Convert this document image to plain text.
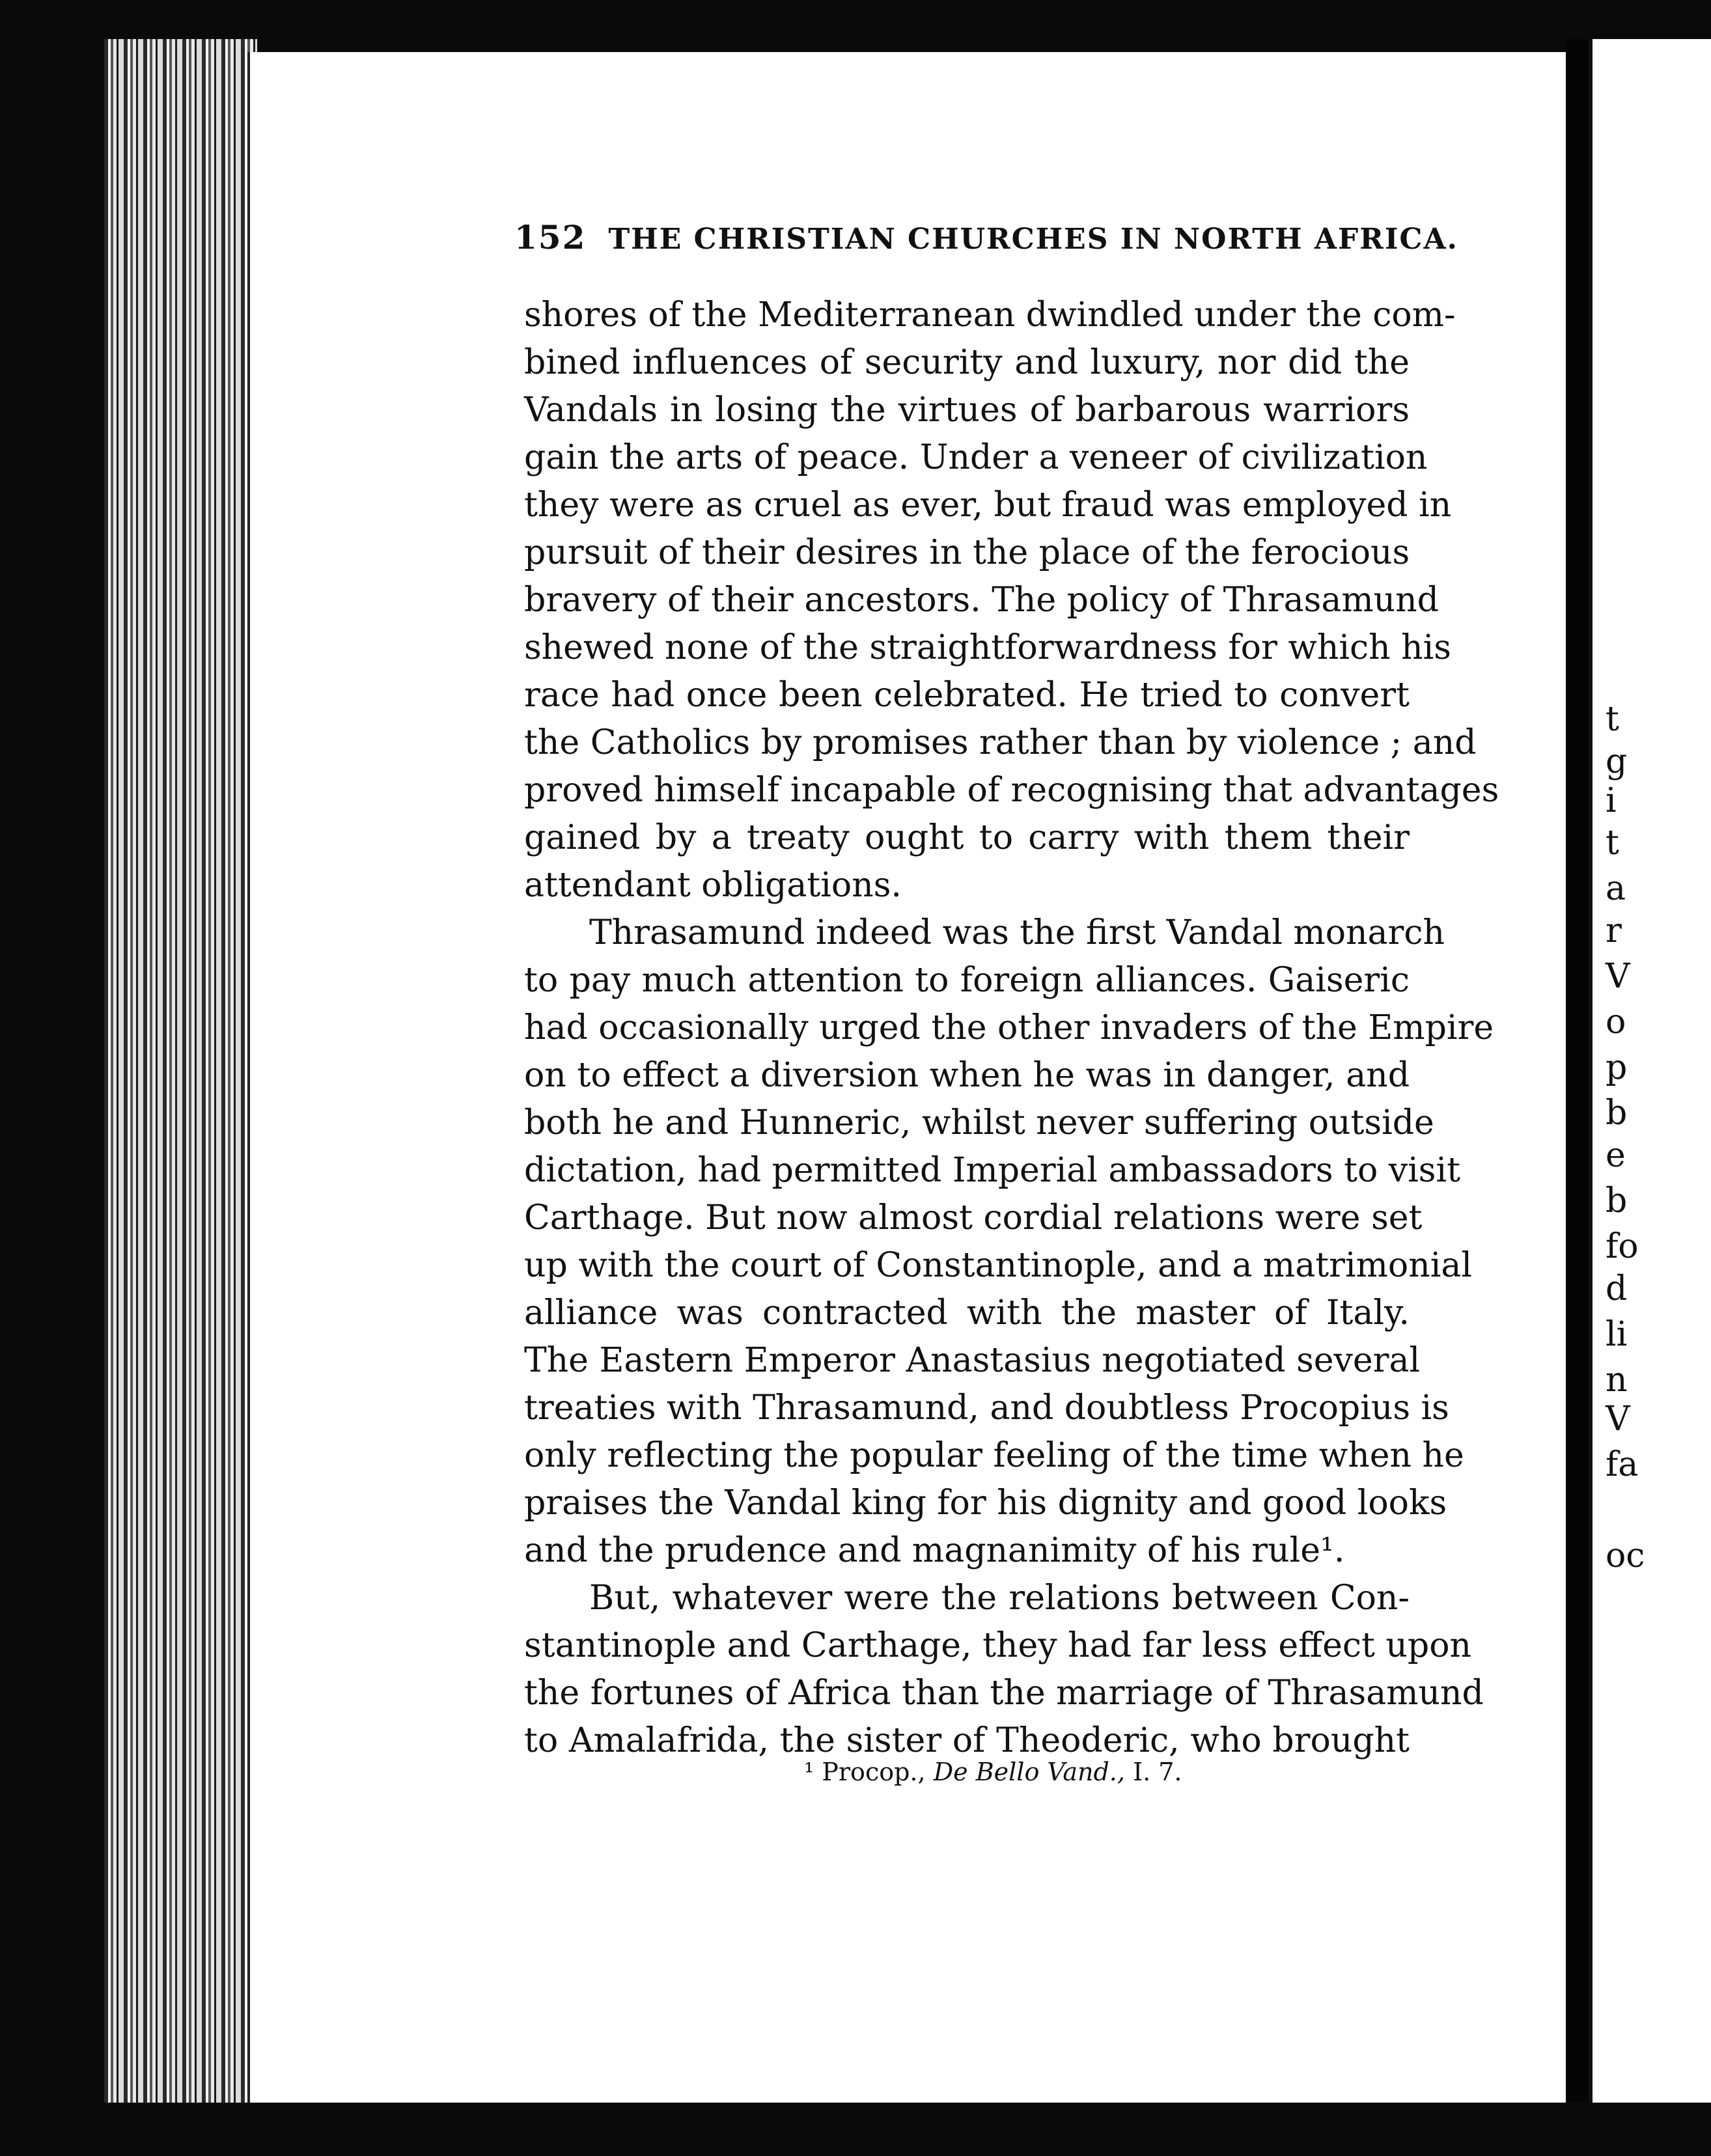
152 THE CHRISTIAN CHURCHES IN NORTH AFRICA.
shores of the Mediterranean dwindled under the com-
bined influences of security and luxury, nor did the
Vandals in losing the virtues of barbarous warriors
gain the arts of peace. Under a veneer of civilization
they were as cruel as ever, but fraud was employed in
pursuit of their desires in the place of the ferocious
bravery of their ancestors. The policy of Thrasamund
shewed none of the straightforwardness for which his
race had once been celebrated. He tried to convert
the Catholics by promises rather than by violence ; and
proved himself incapable of recognising that advantages
gained by a treaty ought to carry with them their
attendant obligations.
Thrasamund indeed was the first Vandal monarch
to pay much attention to foreign alliances. Gaiseric
had occasionally urged the other invaders of the Empire
on to effect a diversion when he was in danger, and
both he and Hunneric, whilst never suffering outside
dictation, had permitted Imperial ambassadors to visit
Carthage. But now almost cordial relations were set
up with the court of Constantinople, and a matrimonial
alliance was contracted with the master of Italy.
The Eastern Emperor Anastasius negotiated several
treaties with Thrasamund, and doubtless Procopius is
only reflecting the popular feeling of the time when he
praises the Vandal king for his dignity and good looks
and the prudence and magnanimity of his rule¹.
But, whatever were the relations between Con-
stantinople and Carthage, they had far less effect upon
the fortunes of Africa than the marriage of Thrasamund
to Amalafrida, the sister of Theoderic, who brought
¹ Procop., De Bello Vand., I. 7.
t
g
i
t
a
r
V
o
p
b
e
b
fo
d
li
n
V
fa
oc
